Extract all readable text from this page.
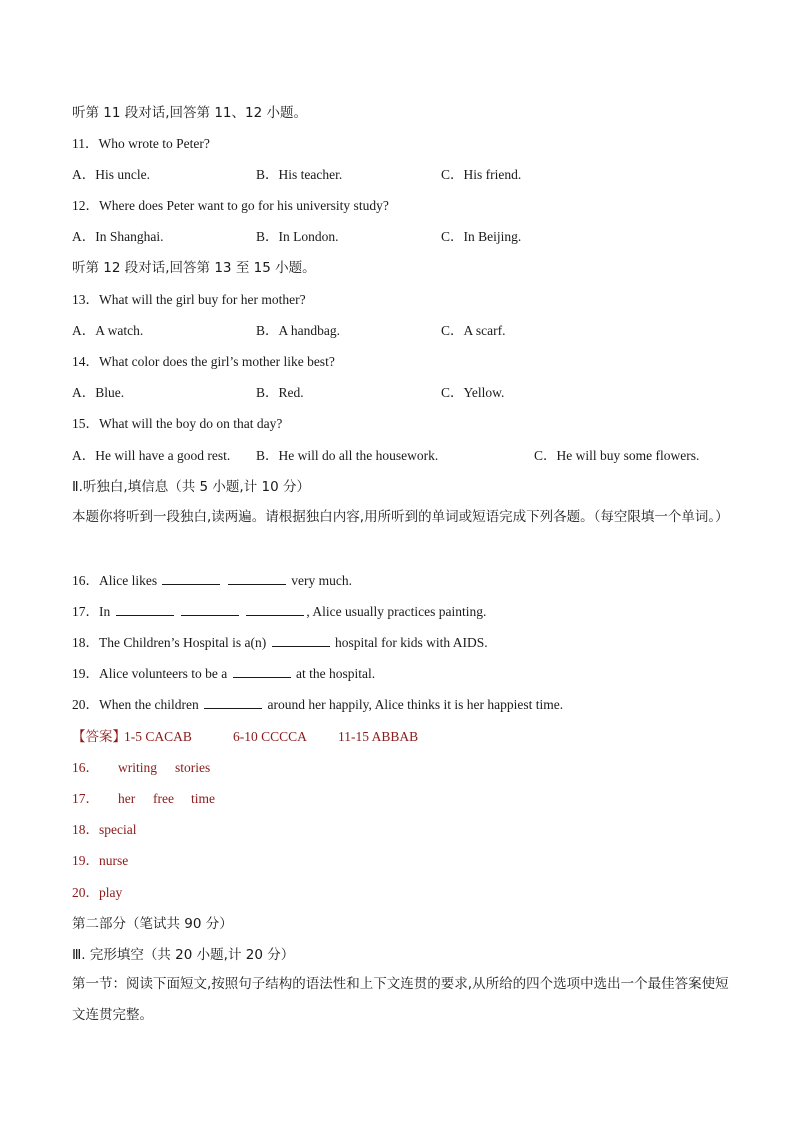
听第 11 段对话,回答第 11、12 小题。
11．Who wrote to Peter?
A．His uncle.	B．His teacher.	C．His friend.
12．Where does Peter want to go for his university study?
A．In Shanghai.	B．In London.	C．In Beijing.
听第 12 段对话,回答第 13 至 15 小题。
13．What will the girl buy for her mother?
A．A watch.	B．A handbag.	C．A scarf.
14．What color does the girl’s mother like best?
A．Blue.	B．Red.	C．Yellow.
15．What will the boy do on that day?
A．He will have a good rest. B．He will do all the housework.	C．He will buy some flowers.
Ⅱ.听独白,填信息（共 5 小题,计 10 分）
本题你将听到一段独白,读两遍。请根据独白内容,用所听到的单词或短语完成下列各题。（每空限填一个单词。）
16．Alice likes	very much.
17．In	, Alice usually practices painting.
18．The Children’s Hospital is a(n)	hospital for kids with AIDS.
19．Alice volunteers to be a	at the hospital.
20．When the children	around her happily, Alice thinks it is her happiest time.
【答案】
1-5 CACAB	6-10 CCCCA 11-15 ABBAB
16． writing stories
17． her free time
18．special
19．nurse
20．play
第二部分（笔试共 90 分）
Ⅲ. 完形填空（共 20 小题,计 20 分）
第一节：阅读下面短文,按照句子结构的语法性和上下文连贯的要求,从所给的四个选项中选出一个最佳答案使短文连贯完整。
